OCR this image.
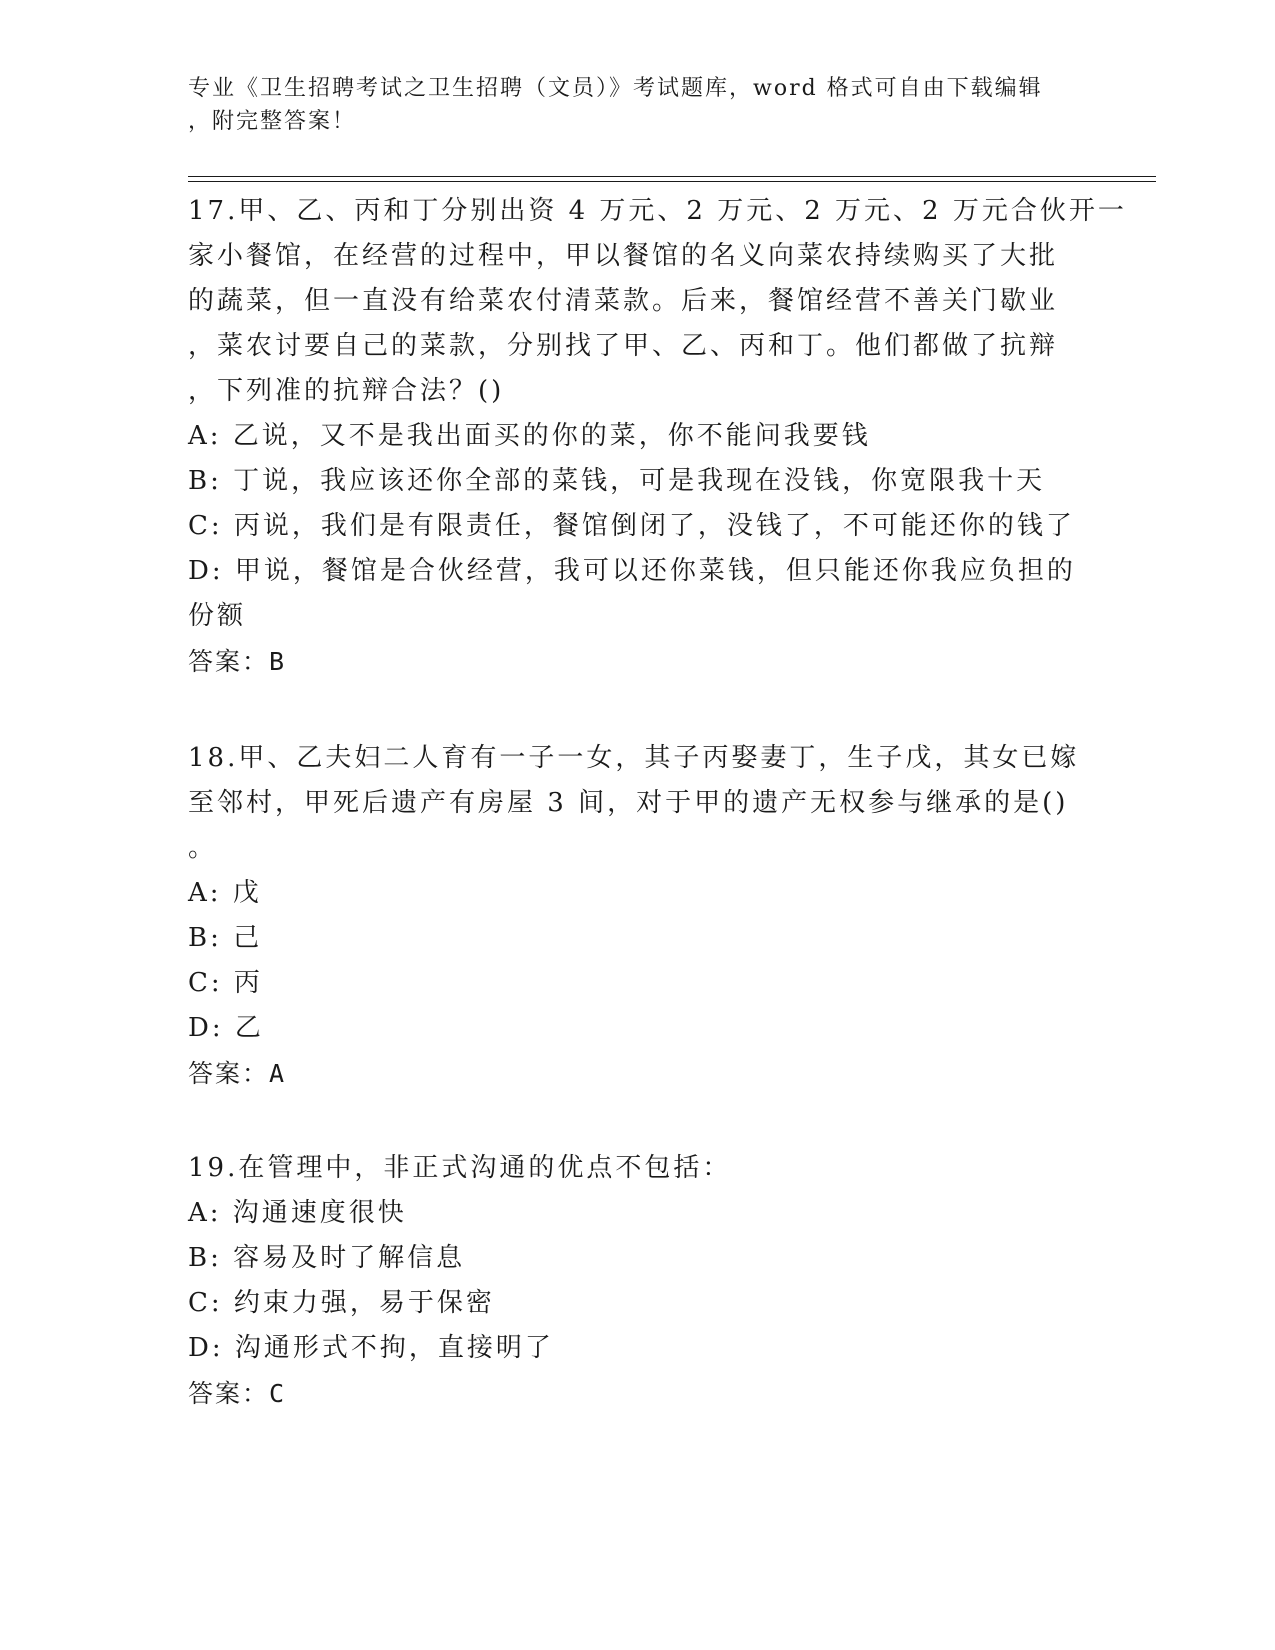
专业《卫生招聘考试之卫生招聘（文员）》考试题库，word 格式可自由下载编辑
，附完整答案！
17.甲、乙、丙和丁分别出资 4 万元、2 万元、2 万元、2 万元合伙开一
家小餐馆，在经营的过程中，甲以餐馆的名义向菜农持续购买了大批
的蔬菜，但一直没有给菜农付清菜款。后来，餐馆经营不善关门歇业
，菜农讨要自己的菜款，分别找了甲、乙、丙和丁。他们都做了抗辩
，下列准的抗辩合法？()
A: 乙说，又不是我出面买的你的菜，你不能问我要钱
B: 丁说，我应该还你全部的菜钱，可是我现在没钱，你宽限我十天
C: 丙说，我们是有限责任，餐馆倒闭了，没钱了，不可能还你的钱了
D: 甲说，餐馆是合伙经营，我可以还你菜钱，但只能还你我应负担的
份额
答案：B
18.甲、乙夫妇二人育有一子一女，其子丙娶妻丁，生子戊，其女已嫁
至邻村，甲死后遗产有房屋 3 间，对于甲的遗产无权参与继承的是()
。
A: 戊
B: 己
C: 丙
D: 乙
答案：A
19.在管理中，非正式沟通的优点不包括：
A: 沟通速度很快
B: 容易及时了解信息
C: 约束力强，易于保密
D: 沟通形式不拘，直接明了
答案：C
